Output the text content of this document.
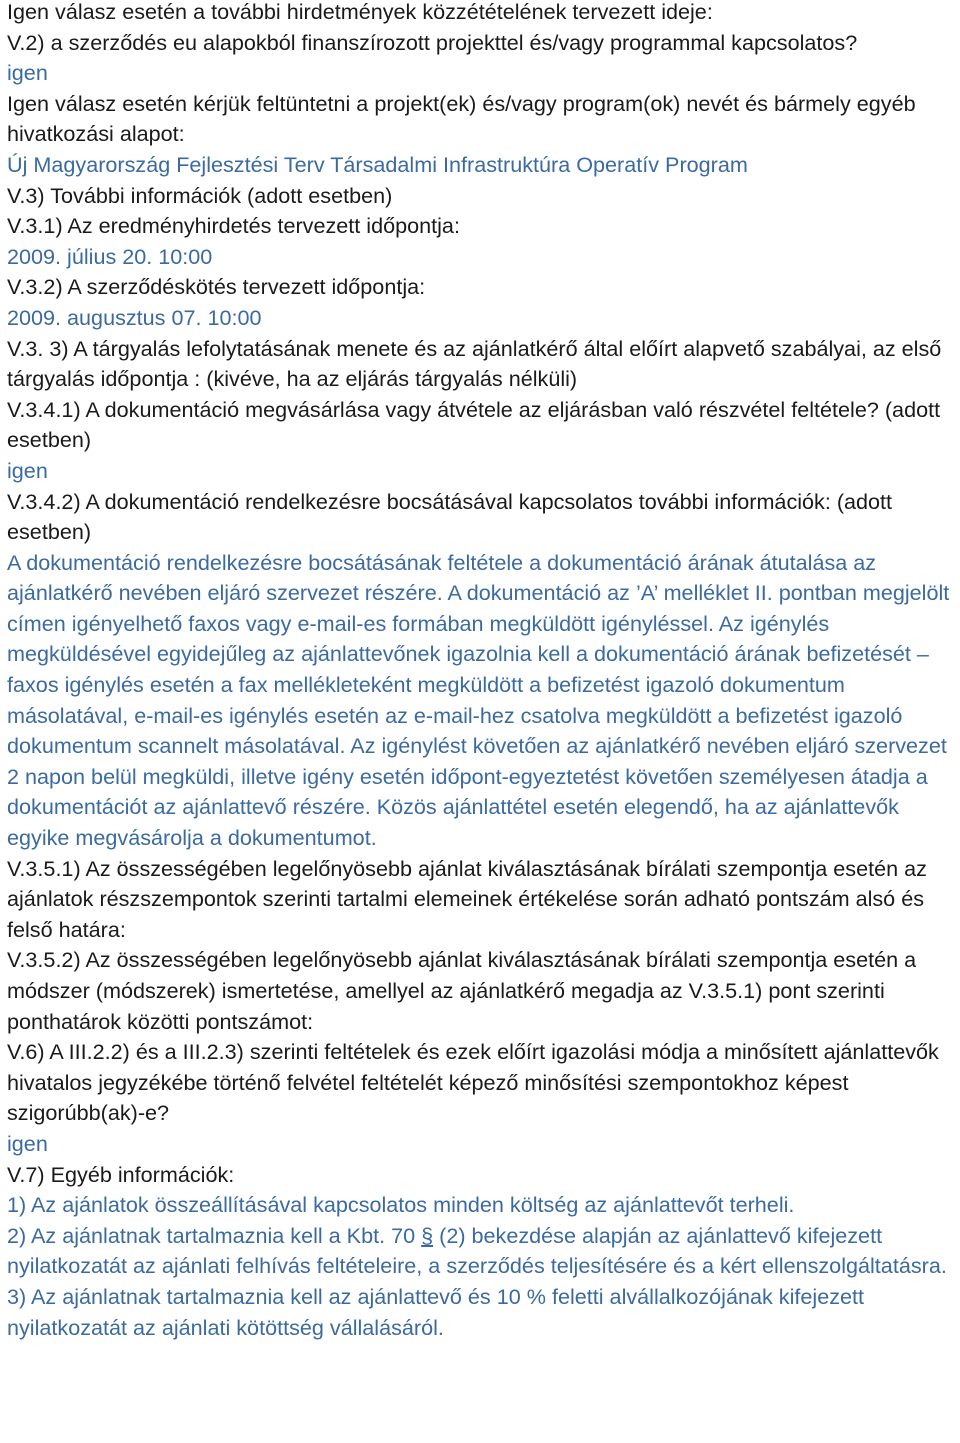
Igen válasz esetén a további hirdetmények közzétételének tervezett ideje:

V.2) a szerződés eu alapokból finanszírozott projekttel és/vagy programmal kapcsolatos?

igen

Igen válasz esetén kérjük feltüntetni a projekt(ek) és/vagy program(ok) nevét és bármely egyéb hivatkozási alapot:

Új Magyarország Fejlesztési Terv Társadalmi Infrastruktúra Operatív Program

V.3) További információk (adott esetben)

V.3.1) Az eredményhirdetés tervezett időpontja:

2009. július 20. 10:00

V.3.2) A szerződéskötés tervezett időpontja:

2009. augusztus 07. 10:00

V.3. 3) A tárgyalás lefolytatásának menete és az ajánlatkérő által előírt alapvető szabályai, az első tárgyalás időpontja : (kivéve, ha az eljárás tárgyalás nélküli)

V.3.4.1) A dokumentáció megvásárlása vagy átvétele az eljárásban való részvétel feltétele? (adott esetben)

igen

V.3.4.2) A dokumentáció rendelkezésre bocsátásával kapcsolatos további információk: (adott esetben)

A dokumentáció rendelkezésre bocsátásának feltétele a dokumentáció árának átutalása az ajánlatkérő nevében eljáró szervezet részére. A dokumentáció az ’A’ melléklet II. pontban megjelölt címen igényelhető faxos vagy e-mail-es formában megküldött igényléssel. Az igénylés megküldésével egyidejűleg az ajánlattevőnek igazolnia kell a dokumentáció árának befizetését – faxos igénylés esetén a fax mellékleteként megküldött a befizetést igazoló dokumentum másolatával, e-mail-es igénylés esetén az e-mail-hez csatolva megküldött a befizetést igazoló dokumentum scannelt másolatával. Az igénylést követően az ajánlatkérő nevében eljáró szervezet 2 napon belül megküldi, illetve igény esetén időpont-egyeztetést követően személyesen átadja a dokumentációt az ajánlattevő részére. Közös ajánlattétel esetén elegendő, ha az ajánlattevők egyike megvásárolja a dokumentumot.

V.3.5.1) Az összességében legelőnyösebb ajánlat kiválasztásának bírálati szempontja esetén az ajánlatok részszempontok szerinti tartalmi elemeinek értékelése során adható pontszám alsó és felső határa:

V.3.5.2) Az összességében legelőnyösebb ajánlat kiválasztásának bírálati szempontja esetén a módszer (módszerek) ismertetése, amellyel az ajánlatkérő megadja az V.3.5.1) pont szerinti ponthatárok közötti pontszámot:

V.6) A III.2.2) és a III.2.3) szerinti feltételek és ezek előírt igazolási módja a minősített ajánlattevők hivatalos jegyzékébe történő felvétel feltételét képező minősítési szempontokhoz képest szigorúbb(ak)-e?

igen

V.7) Egyéb információk:

1) Az ajánlatok összeállításával kapcsolatos minden költség az ajánlattevőt terheli.

2) Az ajánlatnak tartalmaznia kell a Kbt. 70 § (2) bekezdése alapján az ajánlattevő kifejezett nyilatkozatát az ajánlati felhívás feltételeire, a szerződés teljesítésére és a kért ellenszolgáltatásra.

3) Az ajánlatnak tartalmaznia kell az ajánlattevő és 10 % feletti alvállalkozójának kifejezett nyilatkozatát az ajánlati kötöttség vállalásáról.
